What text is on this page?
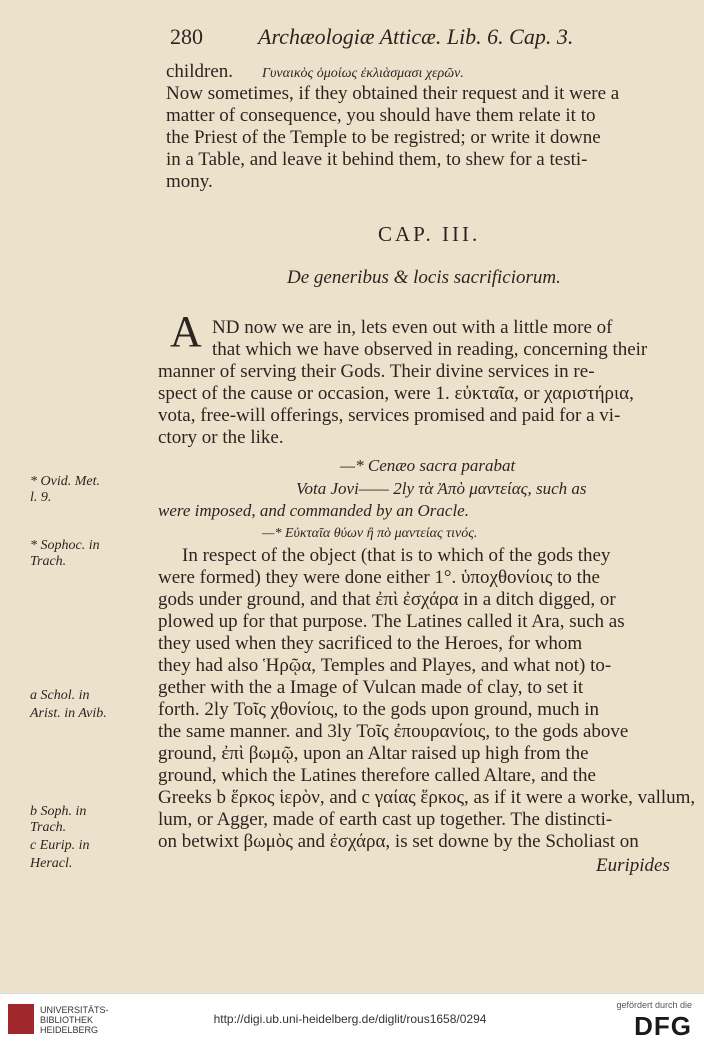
280	Archæologiæ Atticæ. Lib. 6. Cap. 3.
children. Γυναικὸς ὁμοίως ἐκλιὰσμασι χερῶν.
Now sometimes, if they obtained their request and it were a
matter of consequence, you should have them relate it to
the Priest of the Temple to be registred; or write it downe
in a Table, and leave it behind them, to shew for a testi-
mony.
CAP. III.
De generibus & locis sacrificiorum.
A ND now we are in, lets even out with a little more of
that which we have observed in reading, concerning their
manner of serving their Gods. Their divine services in re-
spect of the cause or occasion, were 1. εὐκταῖα, or χαριστήρια,
vota, free-will offerings, services promised and paid for a vi-
ctory or the like.
—* Cenæo sacra parabat
Vota Jovi—— 2ly τὰ Ἀπὸ μαντείας, such as
were imposed, and commanded by an Oracle.
—* Εὐκταῖα θύων ἢ πὸ μαντείας τινός.
In respect of the object (that is to which of the gods they
were formed) they were done either 1°. ὑποχθονίοις to the
gods under ground, and that ἐπὶ ἐσχάρα in a ditch digged, or
plowed up for that purpose. The Latines called it Ara, such as
they used when they sacrificed to the Heroes, for whom
they had also Ἡρῷα, Temples and Playes, and what not) to-
gether with the a Image of Vulcan made of clay, to set it
forth. 2ly Τοῖς χθονίοις, to the gods upon ground, much in
the same manner. and 3ly Τοῖς ἐπουρανίοις, to the gods above
ground, ἐπὶ βωμῷ, upon an Altar raised up high from the
ground, which the Latines therefore called Altare, and the
Greeks b ἕρκος ἱερὸν, and c γαίας ἕρκος, as if it were a worke, vallum,
lum, or Agger, made of earth cast up together. The distincti-
on betwixt βωμὸς and ἐσχάρα, is set downe by the Scholiast on
Euripides
* Ovid. Met.
l. 9.
* Sophoc. in
Trach.
a Schol. in
Arist. in Avib.
b Soph. in
Trach.
c Eurip. in
Heracl.
UNIVERSITÄTS-
BIBLIOTHEK
HEIDELBERG
http://digi.ub.uni-heidelberg.de/diglit/rous1658/0294
gefördert durch die
DFG
